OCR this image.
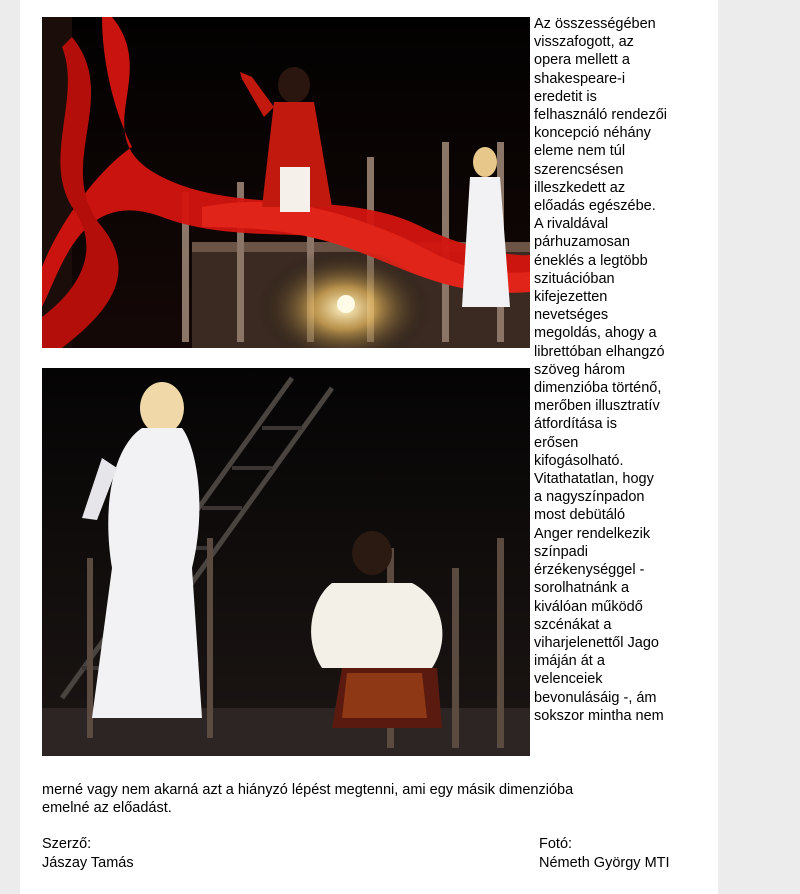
Az összességében
visszafogott, az
opera mellett a
shakespeare-i
eredetit is
felhasználó rendezői
koncepció néhány
eleme nem túl
szerencsésen
illeszkedett az
előadás egészébe.
A rivaldával
párhuzamosan
éneklés a legtöbb
szituációban
kifejezetten
nevetséges
megoldás, ahogy a
librettóban elhangzó
szöveg három
dimenzióba történő,
merőben illusztratív
átfordítása is
erősen
kifogásolható.
Vitathatatlan, hogy
a nagyszínpadon
most debütáló
Anger rendelkezik
színpadi
érzékenységgel -
sorolhatnánk a
kiválóan működő
szcénákat a
viharjelenettől Jago
imáján át a
velenceiek
bevonulásáig -, ám
sokszor mintha nem
merné vagy nem akarná azt a hiányzó lépést megtenni, ami egy másik dimenzióba
emelné az előadást.
Szerző:
Jászay Tamás
Fotó:
Németh György MTI
